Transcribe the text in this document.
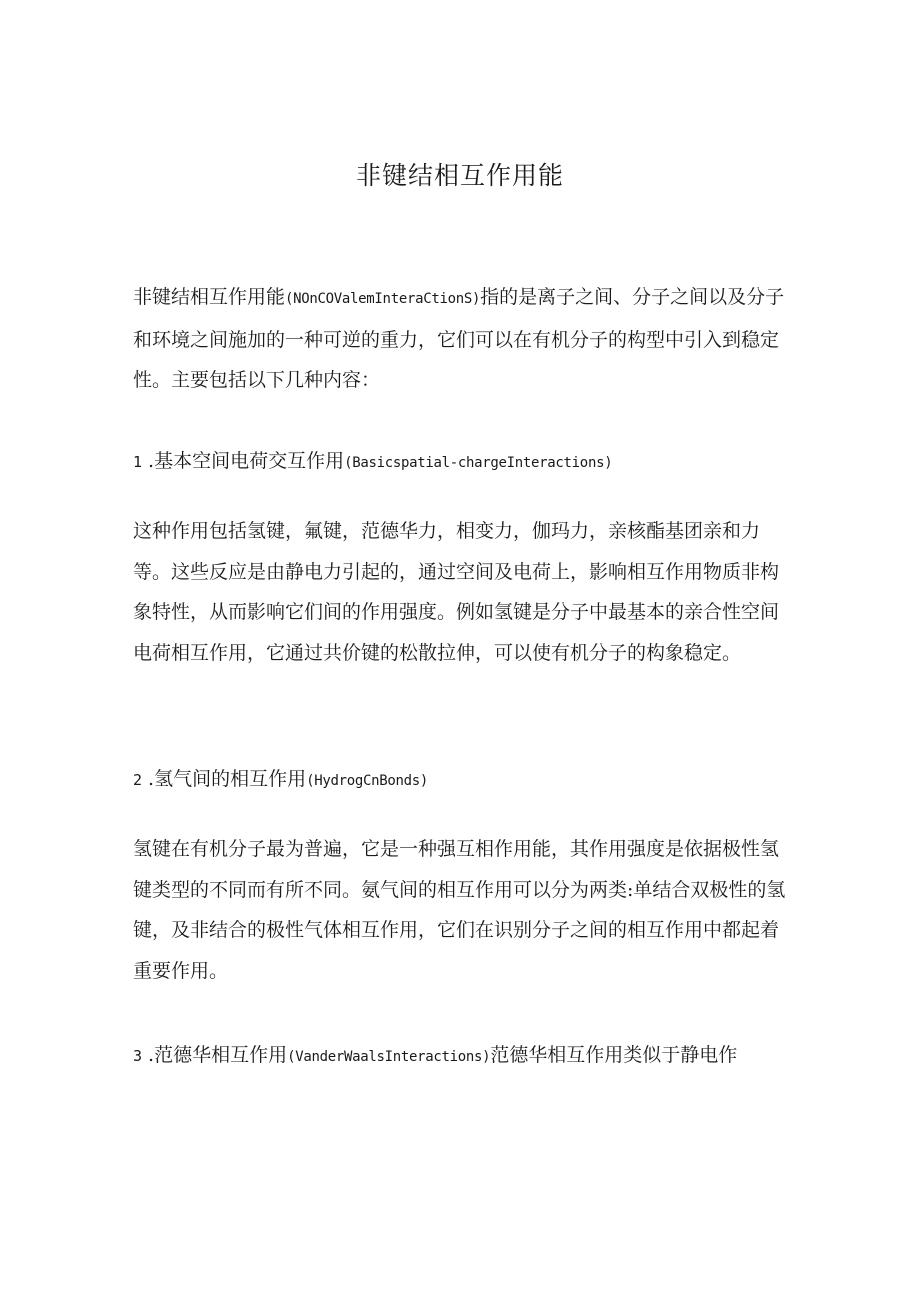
非键结相互作用能

非键结相互作用能(NOnCOValemInteraCtionS)指的是离子之间、分子之间以及分子和环境之间施加的一种可逆的重力，它们可以在有机分子的构型中引入到稳定性。主要包括以下几种内容：

1 .基本空间电荷交互作用(Basicspatial-chargeInteractions)

这种作用包括氢键，氟键，范德华力，相变力，伽玛力，亲核酯基团亲和力等。这些反应是由静电力引起的，通过空间及电荷上，影响相互作用物质非构象特性，从而影响它们间的作用强度。例如氢键是分子中最基本的亲合性空间电荷相互作用，它通过共价键的松散拉伸，可以使有机分子的构象稳定。

2 .氢气间的相互作用(HydrogCnBonds)

氢键在有机分子最为普遍，它是一种强互相作用能，其作用强度是依据极性氢键类型的不同而有所不同。氨气间的相互作用可以分为两类:单结合双极性的氢键，及非结合的极性气体相互作用，它们在识别分子之间的相互作用中都起着重要作用。

3 .范德华相互作用(VanderWaalsInteractions)范德华相互作用类似于静电作
